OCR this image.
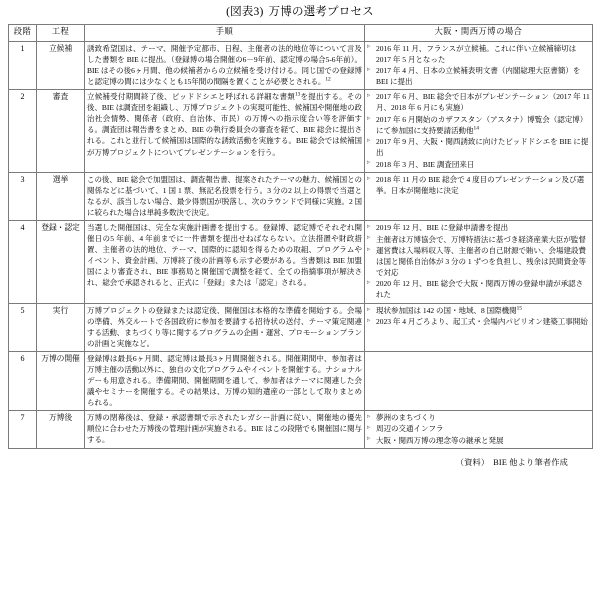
(図表3) 万博の選考プロセス
段階	工程	手順	大阪・関西万博の場合
1	立候補	誘致希望国は、テーマ、開催予定都市、日程、主催者の法的地位等について言及した書類を BIE に提出。（登録博の場合開催の6－9年前、認定博の場合5‐6年前）。BIE はその後6ヶ月間、他の候補者からの立候補を受け付ける。同じ国での登録博と認定博の間には少なくとも15年間の間隔を置くことが必要とされる。$^{12}$	
▹ 2016 年 11 月、フランスが立候補。これに伴い立候補締切は 2017 年 5 月となった
▹ 2017 年 4 月、日本の立候補表明文書（内閣総理大臣書簡）を BEI に提出

2	審査	立候補受付期間終了後、ビッドドシエと呼ばれる詳細な書類$^{13}$を提出する。その後、BIE は調査団を組織し、万博プロジェクトの実現可能性、候補国や開催地の政治社会情勢、関係者（政府、自治体、市民）の万博への指示度合い等を評価する。調査団は報告書をまとめ、BIE の執行委員会の審査を経て、BIE 総会に提出される。これと並行して候補国は国際的な誘致活動を実施する。BIE 総会では候補国が万博プロジェクトについてプレゼンテーションを行う。	
▹ 2017 年 6 月、BIE 総会で日本がプレゼンテーション（2017 年 11 月、2018 年 6 月にも実施）
▹ 2017 年 6 月開始のカザフスタン（アスタナ）博覧会（認定博）にて参加国に支持要請活動他$^{14}$
▹ 2017 年 9 月、大阪・関西誘致に向けたビッドドシエを BIE に提出
▹ 2018 年 3 月、BIE 調査団来日

3	選挙	この後、BIE 総会で加盟国は、調査報告書、提案されたテーマの魅力、候補国との関係などに基づいて、1 国 1 票、無記名投票を行う。3 分の2 以上の得票で当選となるが、該当しない場合、最少得票国が脱落し、次のラウンドで同様に実施。2 国に絞られた場合は単純多数決で決定。	
▹ 2018 年 11 月の BIE 総会で 4 度目のプレゼンテーション及び選挙。日本が開催地に決定

4	登録・認定	当選した開催国は、完全な実施計画書を提出する。登録博、認定博でそれぞれ開催日の5 年前、4 年前までに一件書類を提出せねばならない。立法措置や財政措置、主催者の法的地位、テーマ、国際的に認知を得るための取組、プログラムやイベント、資金計画、万博終了後の計画等も示す必要がある。当書類は BIE 加盟国により審査され、BIE 事務局と開催国で調整を経て、全ての指摘事項が解決され、総会で承認されると、正式に「登録」または「認定」される。	
▹ 2019 年 12 月、BIE に登録申請書を提出
▹ 主催者は万博協会で、万博特措法に基づき経済産業大臣が監督
▹ 運営費は入場料収入等、主催者の自己財源で賄い、会場建設費は国と関係自治体が 3 分の 1 ずつを負担し、残余は民間資金等で対応
▹ 2020 年 12 月、BIE 総会で大阪・関西万博の登録申請が承認された

5	実行	万博プロジェクトの登録または認定後、開催国は本格的な準備を開始する。会場の準備、外交ルートで各国政府に参加を要請する招待状の送付、テーマ策定関連する活動、まちづくり等に関するプログラムの企画・運営、プロモーションプランの計画と実施など。	
▹ 現状参加国は 142 の国・地域、8 国際機関$^{15}$
▹ 2023 年 4 月ごろより、起工式・会場内パビリオン建築工事開始

6	万博の開催	登録博は最長6ヶ月間、認定博は最長3ヶ月間開催される。開催期間中、参加者は万博主催の活動以外に、独自の文化プログラムやイベントを開催する。ナショナルデーも用意される。準備期間、開催期間を通して、参加者はテーマに関連した会議やセミナーを開催する。その結果は、万博の知的遺産の一部として取りまとめられる。	
7	万博後	万博の閉幕後は、登録・承認書類で示されたレガシー計画に従い、開催地の優先順位に合わせた万博後の管理計画が実施される。BIE はこの段階でも開催国に関与する。	
▹ 夢洲のまちづくり
▹ 周辺の交通インフラ
▹ 大阪・関西万博の理念等の継承と発展
（資料） BIE 他より筆者作成
